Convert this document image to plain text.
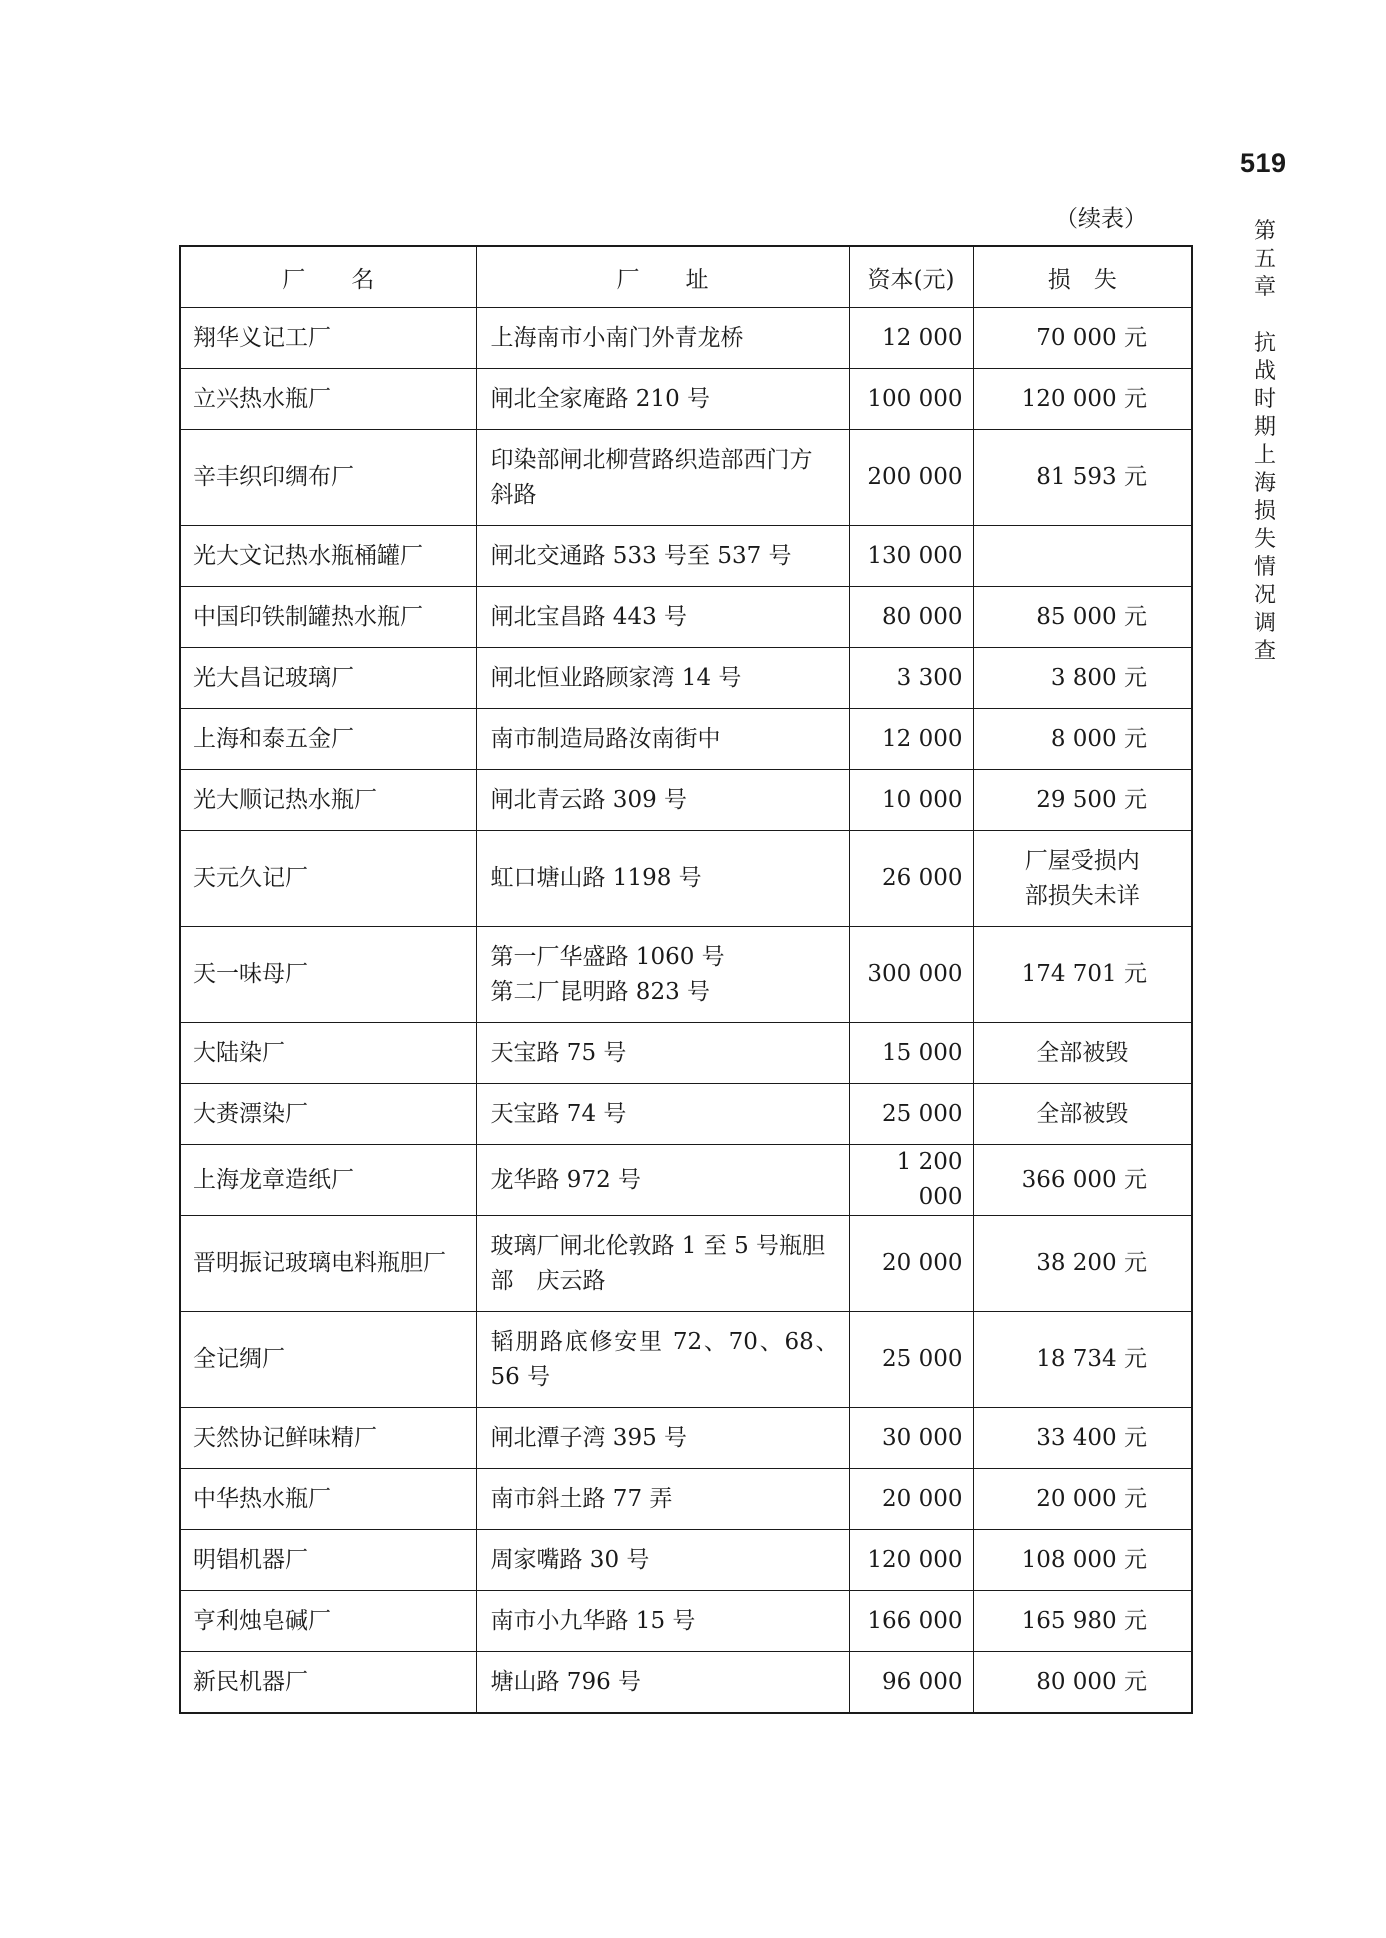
519
第
五
章
抗
战
时
期
上
海
损
失
情
况
调
查
（续表）
厂　　名	厂　　址	资本(元)	损　失
翔华义记工厂	上海南市小南门外青龙桥	12 000	70 000 元

立兴热水瓶厂	闸北全家庵路 210 号	100 000	120 000 元

辛丰织印绸布厂	印染部闸北柳营路织造部西门方
斜路	200 000	81 593 元

光大文记热水瓶桶罐厂	闸北交通路 533 号至 537 号	130 000	

中国印铁制罐热水瓶厂	闸北宝昌路 443 号	80 000	85 000 元

光大昌记玻璃厂	闸北恒业路顾家湾 14 号	3 300	3 800 元

上海和泰五金厂	南市制造局路汝南街中	12 000	8 000 元

光大顺记热水瓶厂	闸北青云路 309 号	10 000	29 500 元

天元久记厂	虹口塘山路 1198 号	26 000	厂屋受损内
部损失未详

天一味母厂	第一厂华盛路 1060 号
第二厂昆明路 823 号	300 000	174 701 元

大陆染厂	天宝路 75 号	15 000	全部被毁

大赉漂染厂	天宝路 74 号	25 000	全部被毁

上海龙章造纸厂	龙华路 972 号	1 200 000	366 000 元

晋明振记玻璃电料瓶胆厂	玻璃厂闸北伦敦路 1 至 5 号瓶胆
部　庆云路	20 000	38 200 元

全记绸厂	韬朋路底修安里 72、70、68、
56 号	25 000	18 734 元

天然协记鲜味精厂	闸北潭子湾 395 号	30 000	33 400 元

中华热水瓶厂	南市斜土路 77 弄	20 000	20 000 元

明锠机器厂	周家嘴路 30 号	120 000	108 000 元

亨利烛皂碱厂	南市小九华路 15 号	166 000	165 980 元

新民机器厂	塘山路 796 号	96 000	80 000 元
